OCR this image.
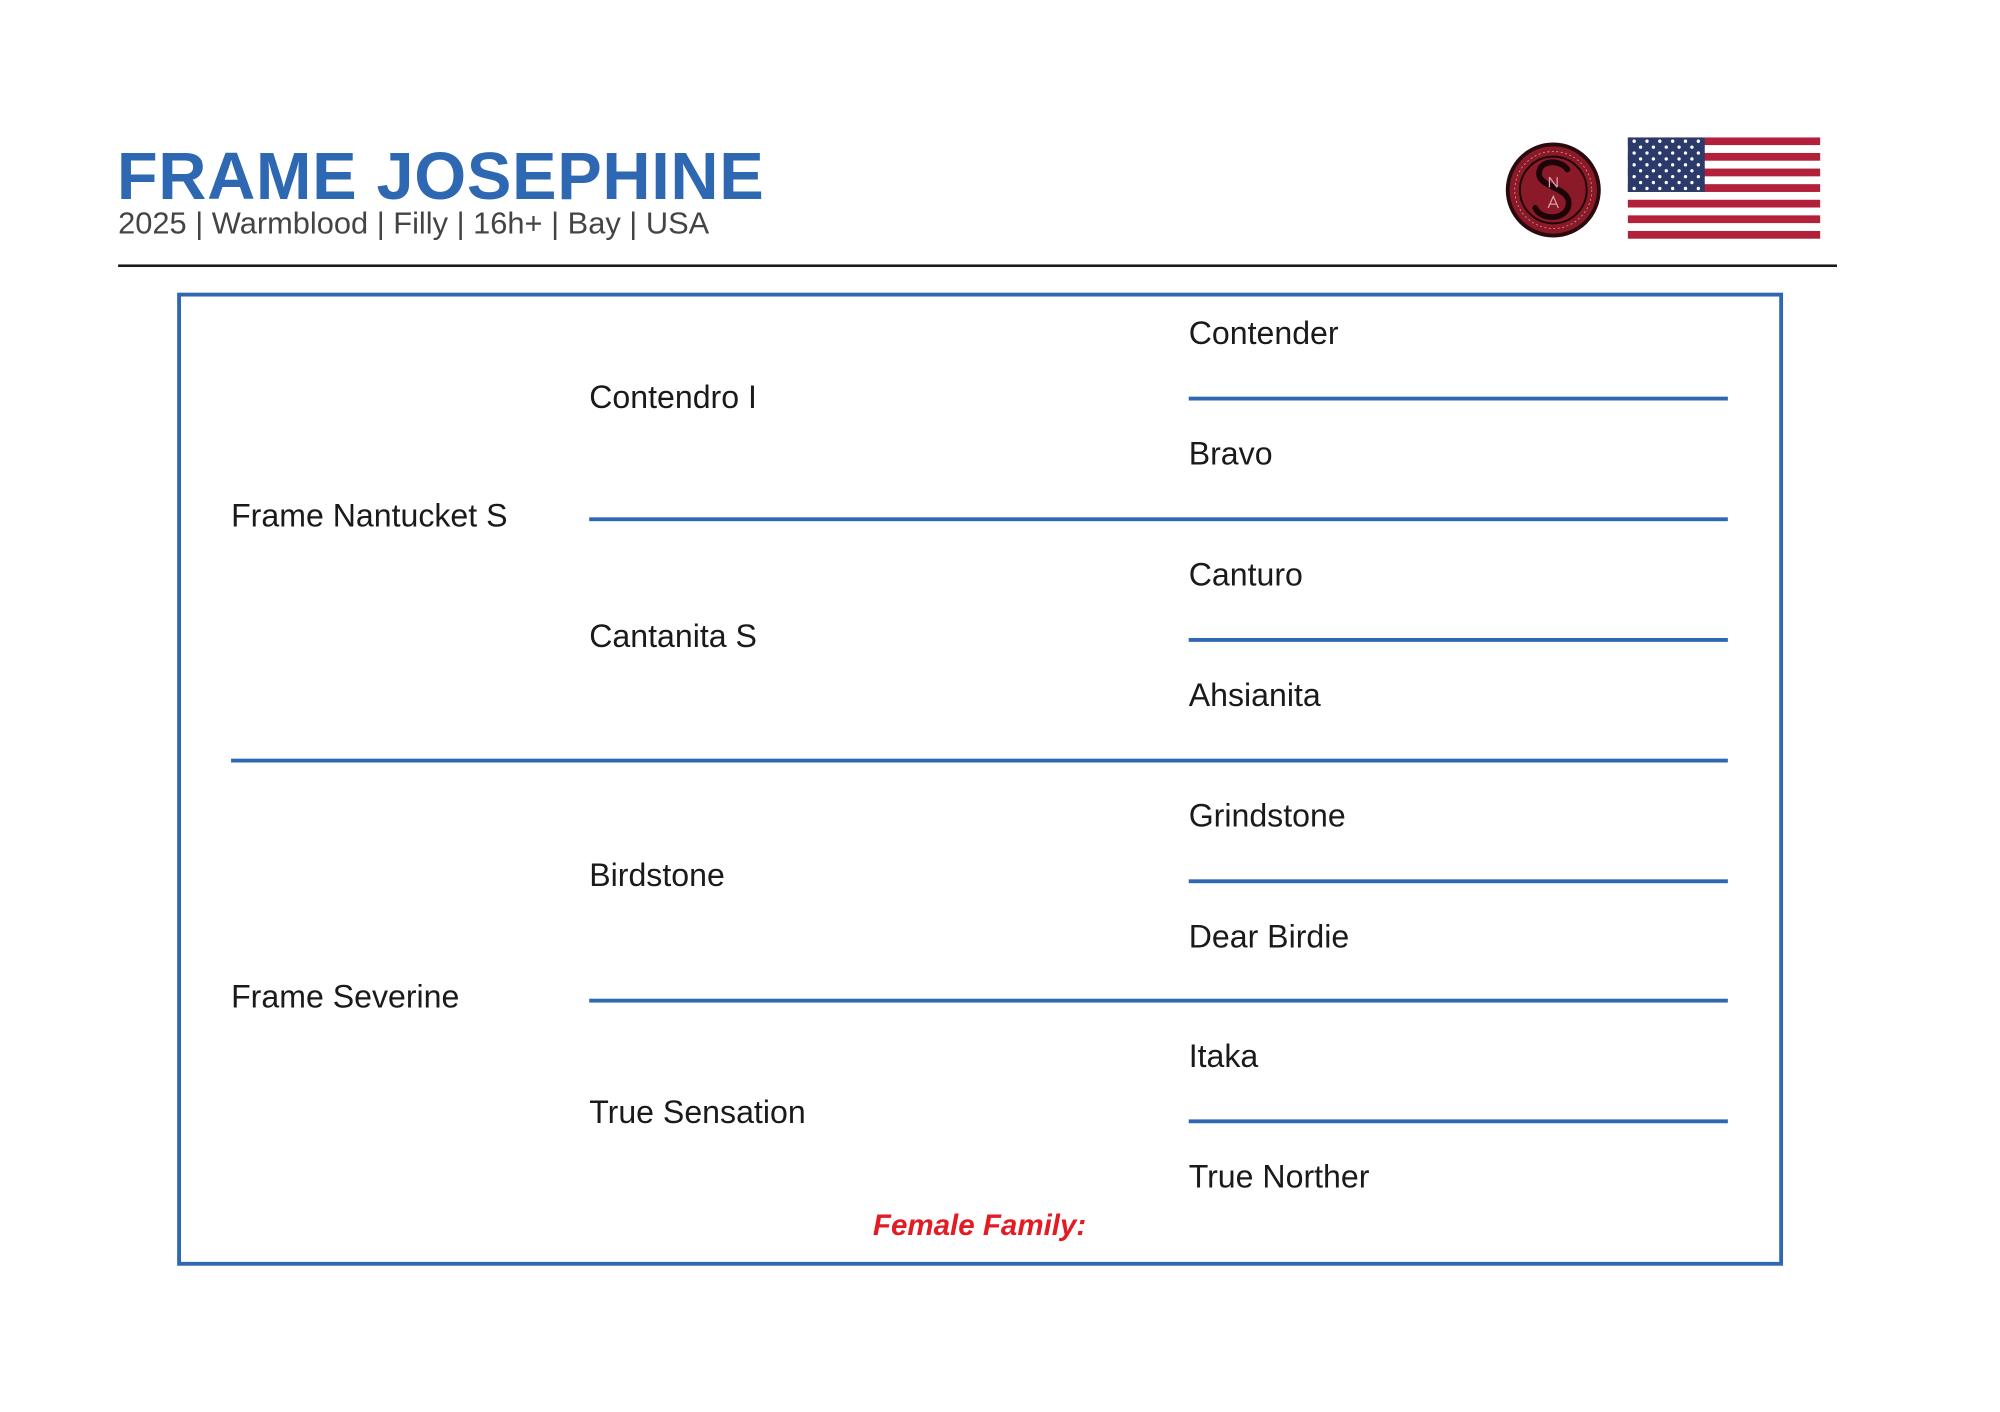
FRAME JOSEPHINE
2025 | Warmblood | Filly | 16h+ | Bay | USA
Frame Nantucket S
Frame Severine
Contendro I
Cantanita S
Birdstone
True Sensation
Contender
Bravo
Canturo
Ahsianita
Grindstone
Dear Birdie
Itaka
True Norther
Female Family:
